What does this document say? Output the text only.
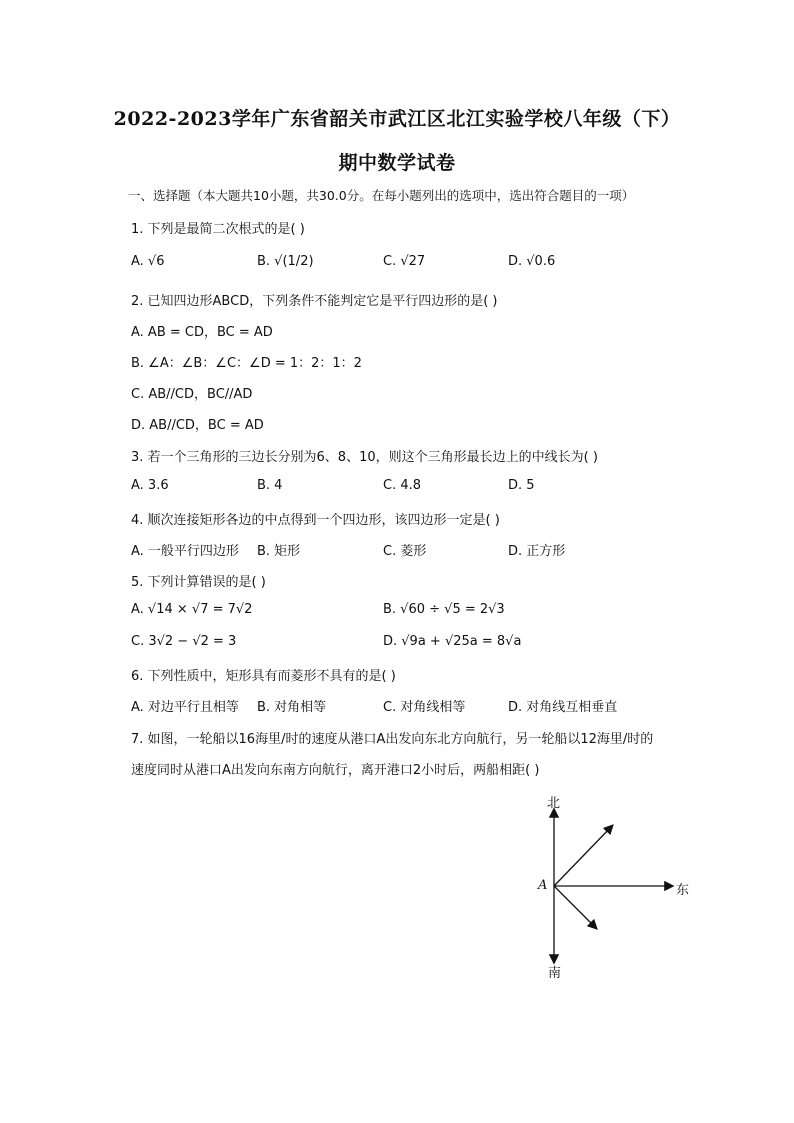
2022-2023学年广东省韶关市武江区北江实验学校八年级（下）
期中数学试卷
一、选择题（本大题共10小题，共30.0分。在每小题列出的选项中，选出符合题目的一项）
1. 下列是最简二次根式的是( )
A. √6	B. √(1/2)	C. √27	D. √0.6
2. 已知四边形ABCD，下列条件不能判定它是平行四边形的是( )
A. AB = CD，BC = AD
B. ∠A：∠B：∠C：∠D = 1：2：1：2
C. AB//CD，BC//AD
D. AB//CD，BC = AD
3. 若一个三角形的三边长分别为6、8、10，则这个三角形最长边上的中线长为( )
A. 3.6	B. 4	C. 4.8	D. 5
4. 顺次连接矩形各边的中点得到一个四边形，该四边形一定是( )
A. 一般平行四边形 B. 矩形	C. 菱形	D. 正方形
5. 下列计算错误的是( )
A. √14 × √7 = 7√2	B. √60 ÷ √5 = 2√3
C. 3√2 − √2 = 3	D. √9a + √25a = 8√a
6. 下列性质中，矩形具有而菱形不具有的是( )
A. 对边平行且相等 B. 对角相等	C. 对角线相等	D. 对角线互相垂直
7. 如图，一轮船以16海里/时的速度从港口A出发向东北方向航行，另一轮船以12海里/时的
速度同时从港口A出发向东南方向航行，离开港口2小时后，两船相距( )
北
南
东
A
